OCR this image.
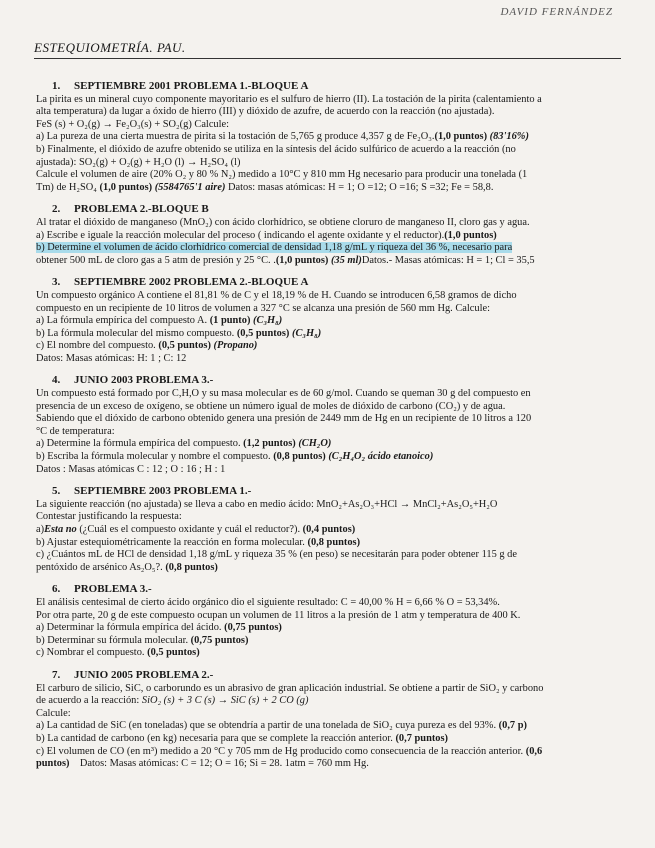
DAVID FERNÁNDEZ
ESTEQUIOMETRÍA. PAU.
1. SEPTIEMBRE 2001 PROBLEMA 1.-BLOQUE A

La pirita es un mineral cuyo componente mayoritario es el sulfuro de hierro (II). La tostación de la pirita (calentamiento a

alta temperatura) da lugar a óxido de hierro (III) y dióxido de azufre, de acuerdo con la reacción (no ajustada).

FeS (s) + O₂(g) → Fe₂O₃(s) + SO₂(g) Calcule:

a) La pureza de una cierta muestra de pirita si la tostación de 5,765 g produce 4,357 g de Fe₂O₃.(1,0 puntos) (83'16%)

b) Finalmente, el dióxido de azufre obtenido se utiliza en la síntesis del ácido sulfúrico de acuerdo a la reacción (no

ajustada): SO₂(g) + O₂(g) + H₂O (l) → H₂SO₄ (l)

Calcule el volumen de aire (20% O₂ y 80 % N₂) medido a 10°C y 810 mm Hg necesario para producir una tonelada (1

Tm) de H₂SO₄ (1,0 puntos) (5584765'1 aire) Datos: masas atómicas: H = 1; O =12; O =16; S =32; Fe = 58,8.

2. PROBLEMA 2.-BLOQUE B

Al tratar el dióxido de manganeso (MnO₂) con ácido clorhídrico, se obtiene cloruro de manganeso II, cloro gas y agua.

a) Escribe e iguale la reacción molecular del proceso ( indicando el agente oxidante y el reductor).(1,0 puntos)

b) Determine el volumen de ácido clorhídrico comercial de densidad 1,18 g/mL y riqueza del 36 %, necesario para

obtener 500 mL de cloro gas a 5 atm de presión y 25 °C. .(1,0 puntos) (35 ml)Datos.- Masas atómicas: H = 1; Cl = 35,5

3. SEPTIEMBRE 2002 PROBLEMA 2.-BLOQUE A

Un compuesto orgánico A contiene el 81,81 % de C y el 18,19 % de H. Cuando se introducen 6,58 gramos de dicho

compuesto en un recipiente de 10 litros de volumen a 327 °C se alcanza una presión de 560 mm Hg. Calcule:

a) La fórmula empírica del compuesto A. (1 punto) (C₃H₈)

b) La fórmula molecular del mismo compuesto. (0,5 puntos) (C₃H₈)

c) El nombre del compuesto. (0,5 puntos) (Propano)

Datos: Masas atómicas: H: 1 ; C: 12

4. JUNIO 2003 PROBLEMA 3.-

Un compuesto está formado por C,H,O y su masa molecular es de 60 g/mol. Cuando se queman 30 g del compuesto en

presencia de un exceso de oxígeno, se obtiene un número igual de moles de dióxido de carbono (CO₂) y de agua.

Sabiendo que el dióxido de carbono obtenido genera una presión de 2449 mm de Hg en un recipiente de 10 litros a 120

°C de temperatura:

a) Determine la fórmula empírica del compuesto. (1,2 puntos) (CH₂O)

b) Escriba la fórmula molecular y nombre el compuesto. (0,8 puntos) (C₂H₄O₂ ácido etanoico)

Datos : Masas atómicas C : 12 ; O : 16 ; H : 1

5. SEPTIEMBRE 2003 PROBLEMA 1.-

La siguiente reacción (no ajustada) se lleva a cabo en medio ácido: MnO₂+As₂O₃+HCl → MnCl₂+As₂O₅+H₂O

Contestar justificando la respuesta:

a)Esta no (¿Cuál es el compuesto oxidante y cuál el reductor?). (0,4 puntos)

b) Ajustar estequiométricamente la reacción en forma molecular. (0,8 puntos)

c) ¿Cuántos mL de HCl de densidad 1,18 g/mL y riqueza 35 % (en peso) se necesitarán para poder obtener 115 g de

pentóxido de arsénico As₂O₅?. (0,8 puntos)

6. PROBLEMA 3.-

El análisis centesimal de cierto ácido orgánico dio el siguiente resultado: C = 40,00 % H = 6,66 % O = 53,34%.

Por otra parte, 20 g de este compuesto ocupan un volumen de 11 litros a la presión de 1 atm y temperatura de 400 K.

a) Determinar la fórmula empírica del ácido. (0,75 puntos)

b) Determinar su fórmula molecular. (0,75 puntos)

c) Nombrar el compuesto. (0,5 puntos)

7. JUNIO 2005 PROBLEMA 2.-

El carburo de silicio, SiC, o carborundo es un abrasivo de gran aplicación industrial. Se obtiene a partir de SiO₂ y carbono

de acuerdo a la reacción: SiO₂ (s) + 3 C (s) → SiC (s) + 2 CO (g)

Calcule:

a) La cantidad de SiC (en toneladas) que se obtendría a partir de una tonelada de SiO₂ cuya pureza es del 93%. (0,7 p)

b) La cantidad de carbono (en kg) necesaria para que se complete la reacción anterior. (0,7 puntos)

c) El volumen de CO (en m³) medido a 20 °C y 705 mm de Hg producido como consecuencia de la reacción anterior. (0,6

puntos) Datos: Masas atómicas: C = 12; O = 16; Si = 28. 1atm = 760 mm Hg.
